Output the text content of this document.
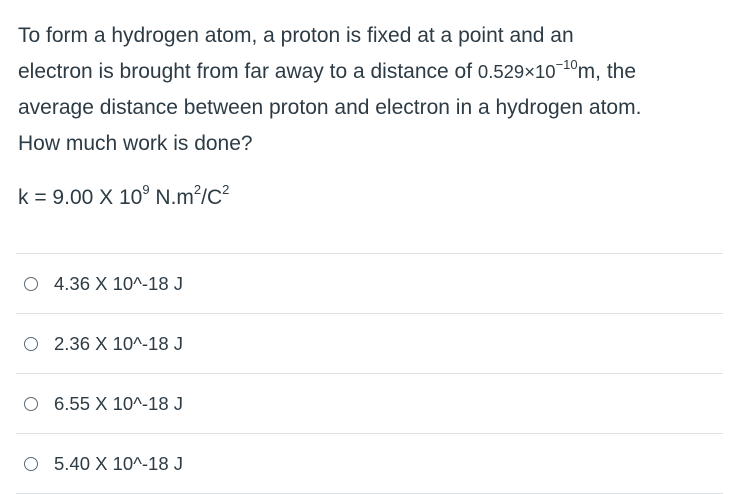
To form a hydrogen atom, a proton is fixed at a point and an

electron is brought from far away to a distance of $0.529\times 10^{-10}m$, the

average distance between proton and electron in a hydrogen atom.

How much work is done?

k = 9.00 X $10^9$ $N.m^2/C^2$
4.36 X 10^-18 J
2.36 X 10^-18 J
6.55 X 10^-18 J
5.40 X 10^-18 J
